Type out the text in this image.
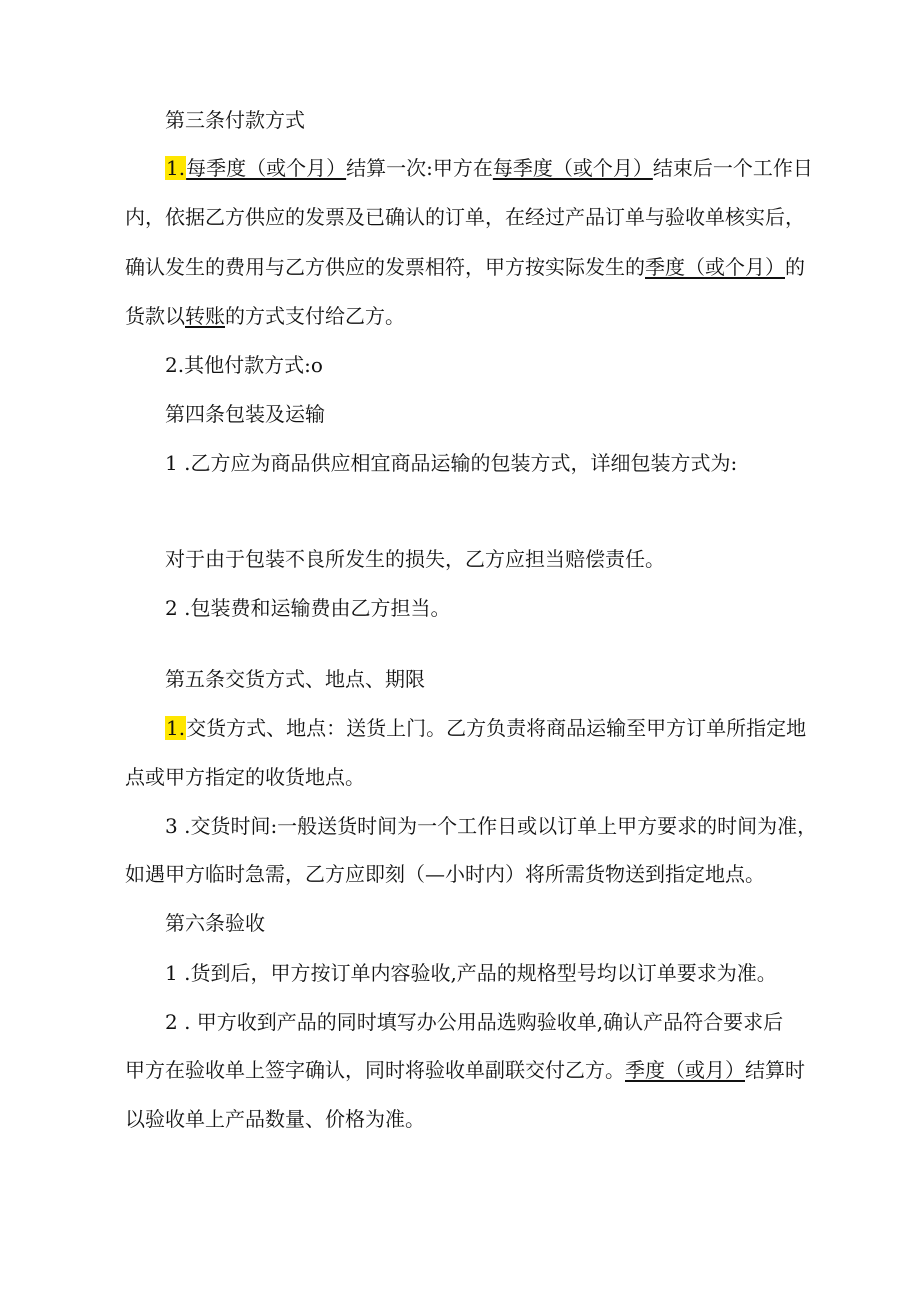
第三条付款方式
1.每季度（或个月）结算一次:甲方在每季度（或个月）结束后一个工作日
内，依据乙方供应的发票及已确认的订单，在经过产品订单与验收单核实后，
确认发生的费用与乙方供应的发票相符，甲方按实际发生的季度（或个月）的
货款以转账的方式支付给乙方。
2.其他付款方式:o
第四条包装及运输
1 .乙方应为商品供应相宜商品运输的包装方式，详细包装方式为:
对于由于包装不良所发生的损失，乙方应担当赔偿责任。
2 .包装费和运输费由乙方担当。
第五条交货方式、地点、期限
1.交货方式、地点：送货上门。乙方负责将商品运输至甲方订单所指定地
点或甲方指定的收货地点。
3 .交货时间:一般送货时间为一个工作日或以订单上甲方要求的时间为准，
如遇甲方临时急需，乙方应即刻（—小时内）将所需货物送到指定地点。
第六条验收
1 .货到后，甲方按订单内容验收,产品的规格型号均以订单要求为准。
2 . 甲方收到产品的同时填写办公用品选购验收单,确认产品符合要求后
甲方在验收单上签字确认，同时将验收单副联交付乙方。季度（或月）结算时
以验收单上产品数量、价格为准。
